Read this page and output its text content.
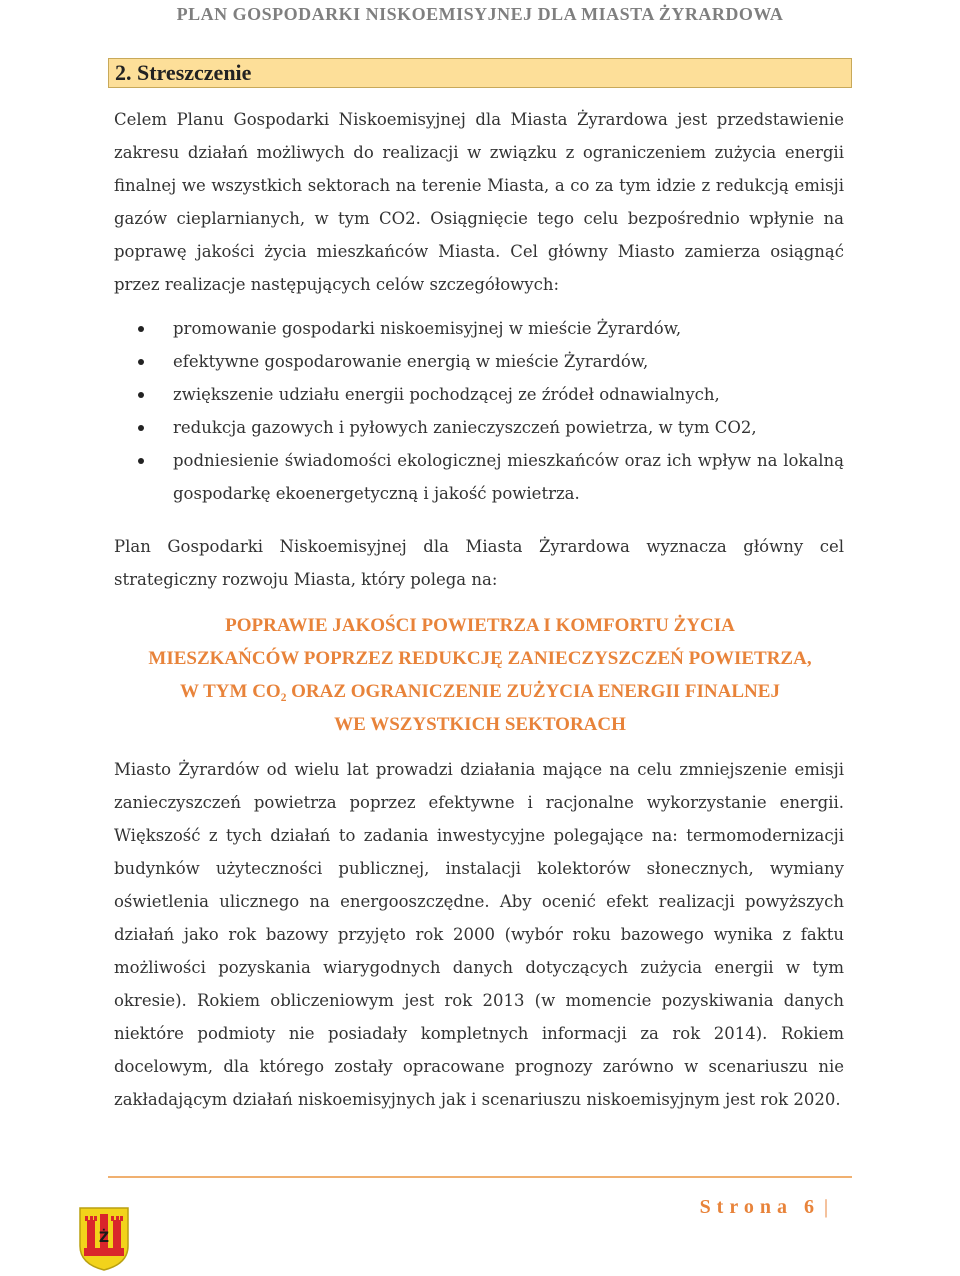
PLAN GOSPODARKI NISKOEMISYJNEJ DLA MIASTA ŻYRARDOWA
2. Streszczenie
Celem Planu Gospodarki Niskoemisyjnej dla Miasta Żyrardowa jest przedstawienie zakresu działań możliwych do realizacji w związku z ograniczeniem zużycia energii finalnej we wszystkich sektorach na terenie Miasta, a co za tym idzie z redukcją emisji gazów cieplarnianych, w tym CO2. Osiągnięcie tego celu bezpośrednio wpłynie na poprawę jakości życia mieszkańców Miasta. Cel główny Miasto zamierza osiągnąć przez realizacje następujących celów szczegółowych:
promowanie gospodarki niskoemisyjnej w mieście Żyrardów,
efektywne gospodarowanie energią w mieście Żyrardów,
zwiększenie udziału energii pochodzącej ze źródeł odnawialnych,
redukcja gazowych i pyłowych zanieczyszczeń powietrza, w tym CO2,
podniesienie świadomości ekologicznej mieszkańców oraz ich wpływ na lokalną gospodarkę ekoenergetyczną i jakość powietrza.
Plan Gospodarki Niskoemisyjnej dla Miasta Żyrardowa wyznacza główny cel strategiczny rozwoju Miasta, który polega na:
POPRAWIE JAKOŚCI POWIETRZA I KOMFORTU ŻYCIA
MIESZKAŃCÓW POPRZEZ REDUKCJĘ ZANIECZYSZCZEŃ POWIETRZA,
W TYM CO₂ ORAZ OGRANICZENIE ZUŻYCIA ENERGII FINALNEJ
WE WSZYSTKICH SEKTORACH
Miasto Żyrardów od wielu lat prowadzi działania mające na celu zmniejszenie emisji zanieczyszczeń powietrza poprzez efektywne i racjonalne wykorzystanie energii. Większość z tych działań to zadania inwestycyjne polegające na: termomodernizacji budynków użyteczności publicznej, instalacji kolektorów słonecznych, wymiany oświetlenia ulicznego na energooszczędne. Aby ocenić efekt realizacji powyższych działań jako rok bazowy przyjęto rok 2000 (wybór roku bazowego wynika z faktu możliwości pozyskania wiarygodnych danych dotyczących zużycia energii w tym okresie). Rokiem obliczeniowym jest rok 2013 (w momencie pozyskiwania danych niektóre podmioty nie posiadały kompletnych informacji za rok 2014). Rokiem docelowym, dla którego zostały opracowane prognozy zarówno w scenariuszu nie zakładającym działań niskoemisyjnych jak i scenariuszu niskoemisyjnym jest rok 2020.
Ż
Strona 6 |
